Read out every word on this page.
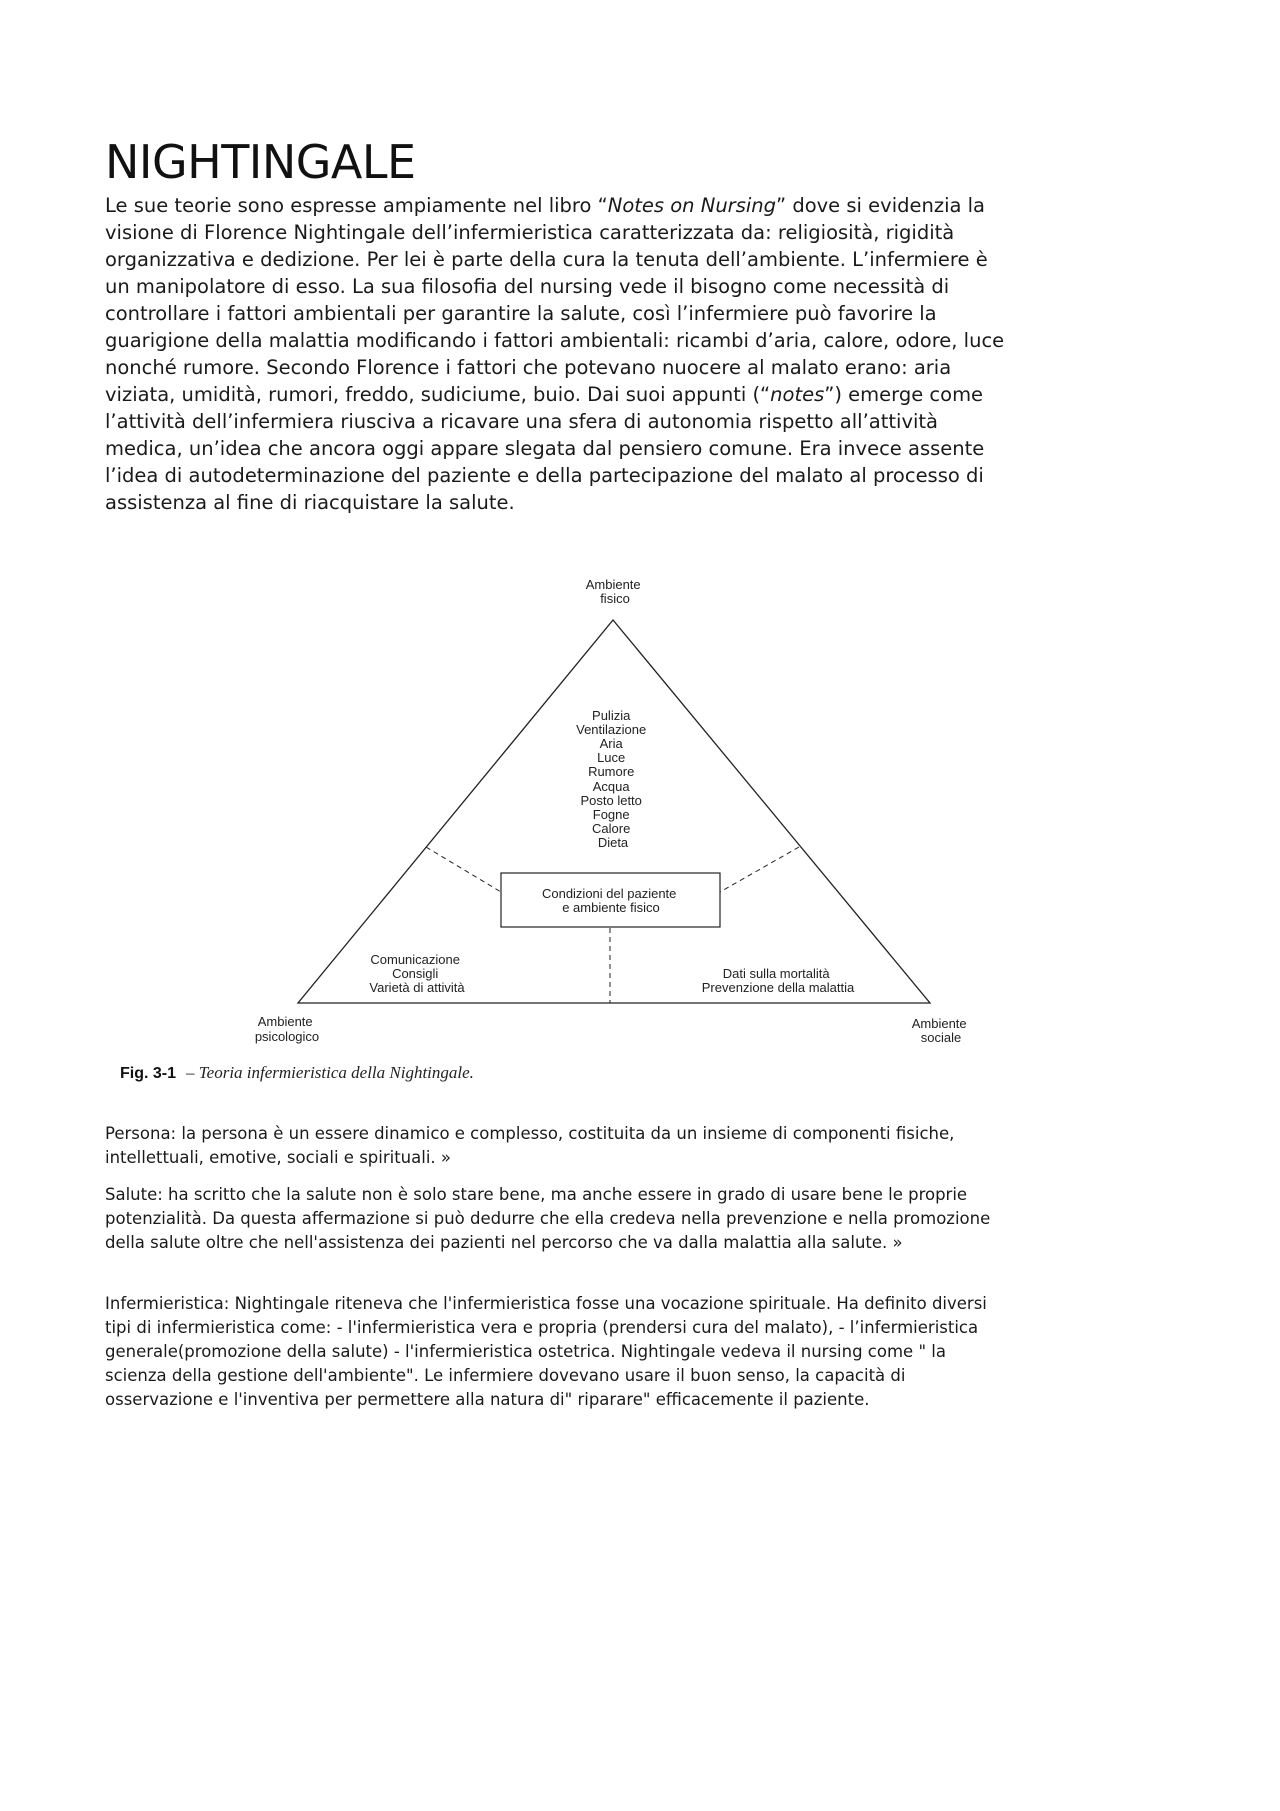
NIGHTINGALE

Le sue teorie sono espresse ampiamente nel libro “Notes on Nursing” dove si evidenzia la visione di Florence Nightingale dell’infermieristica caratterizzata da: religiosità, rigidità organizzativa e dedizione. Per lei è parte della cura la tenuta dell’ambiente. L’infermiere è un manipolatore di esso. La sua filosofia del nursing vede il bisogno come necessità di controllare i fattori ambientali per garantire la salute, così l’infermiere può favorire la guarigione della malattia modificando i fattori ambientali: ricambi d’aria, calore, odore, luce nonché rumore. Secondo Florence i fattori che potevano nuocere al malato erano: aria viziata, umidità, rumori, freddo, sudiciume, buio. Dai suoi appunti (“notes”) emerge come l’attività dell’infermiera riusciva a ricavare una sfera di autonomia rispetto all’attività medica, un’idea che ancora oggi appare slegata dal pensiero comune. Era invece assente l’idea di autodeterminazione del paziente e della partecipazione del malato al processo di assistenza al fine di riacquistare la salute.

Condizioni del paziente e ambiente fisico
Ambiente fisico
Pulizia Ventilazione Aria Luce Rumore Acqua Posto letto Fogne Calore Dieta
Comunicazione Consigli Varietà di attività
Dati sulla mortalità Prevenzione della malattia
Ambiente psicologico
Ambiente sociale
Fig. 3-1 – Teoria infermieristica della Nightingale.

Persona: la persona è un essere dinamico e complesso, costituita da un insieme di componenti fisiche, intellettuali, emotive, sociali e spirituali. »

Salute: ha scritto che la salute non è solo stare bene, ma anche essere in grado di usare bene le proprie potenzialità. Da questa affermazione si può dedurre che ella credeva nella prevenzione e nella promozione della salute oltre che nell'assistenza dei pazienti nel percorso che va dalla malattia alla salute. »

Infermieristica: Nightingale riteneva che l'infermieristica fosse una vocazione spirituale. Ha definito diversi tipi di infermieristica come: - l'infermieristica vera e propria (prendersi cura del malato), - l’infermieristica generale(promozione della salute) - l'infermieristica ostetrica. Nightingale vedeva il nursing come " la scienza della gestione dell'ambiente". Le infermiere dovevano usare il buon senso, la capacità di osservazione e l'inventiva per permettere alla natura di" riparare" efficacemente il paziente.
